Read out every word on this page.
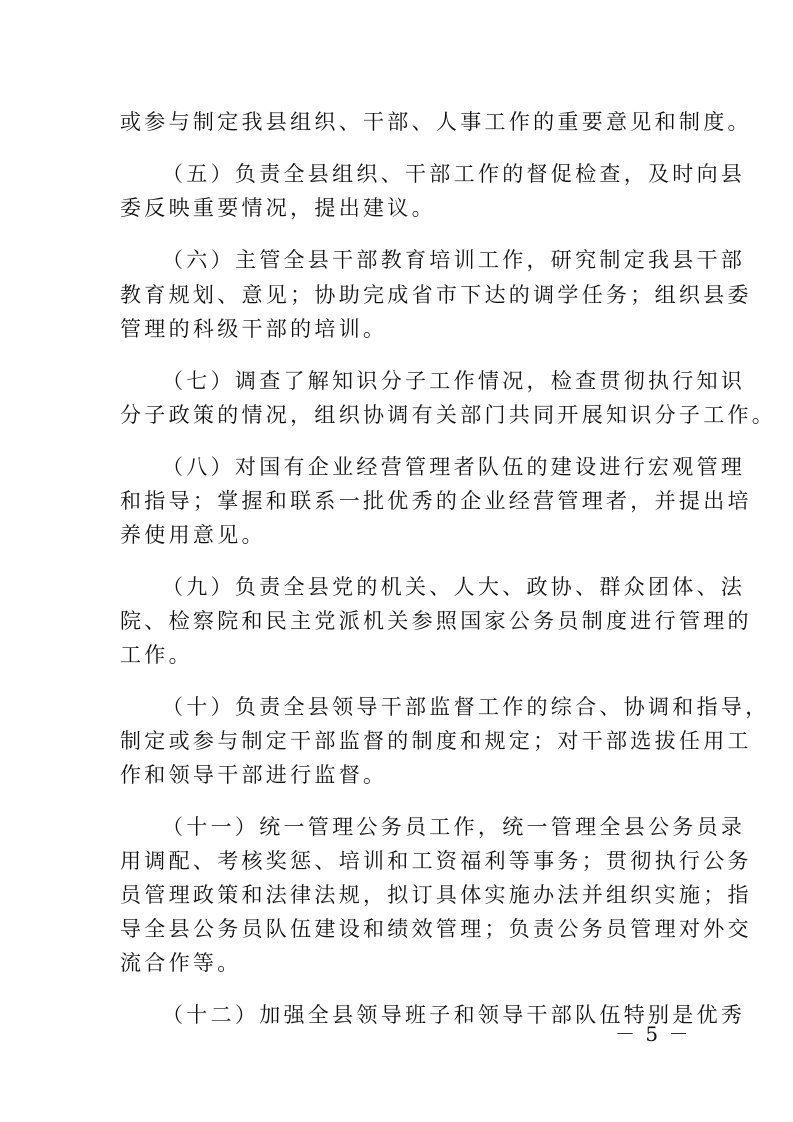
或参与制定我县组织、干部、人事工作的重要意见和制度。
（五）负责全县组织、干部工作的督促检查，及时向县
委反映重要情况，提出建议。
（六）主管全县干部教育培训工作，研究制定我县干部
教育规划、意见；协助完成省市下达的调学任务；组织县委
管理的科级干部的培训。
（七）调查了解知识分子工作情况，检查贯彻执行知识
分子政策的情况，组织协调有关部门共同开展知识分子工作。
（八）对国有企业经营管理者队伍的建设进行宏观管理
和指导；掌握和联系一批优秀的企业经营管理者，并提出培
养使用意见。
（九）负责全县党的机关、人大、政协、群众团体、法
院、检察院和民主党派机关参照国家公务员制度进行管理的
工作。
（十）负责全县领导干部监督工作的综合、协调和指导，
制定或参与制定干部监督的制度和规定；对干部选拔任用工
作和领导干部进行监督。
（十一）统一管理公务员工作，统一管理全县公务员录
用调配、考核奖惩、培训和工资福利等事务；贯彻执行公务
员管理政策和法律法规，拟订具体实施办法并组织实施；指
导全县公务员队伍建设和绩效管理；负责公务员管理对外交
流合作等。
（十二）加强全县领导班子和领导干部队伍特别是优秀
－ 5 －
